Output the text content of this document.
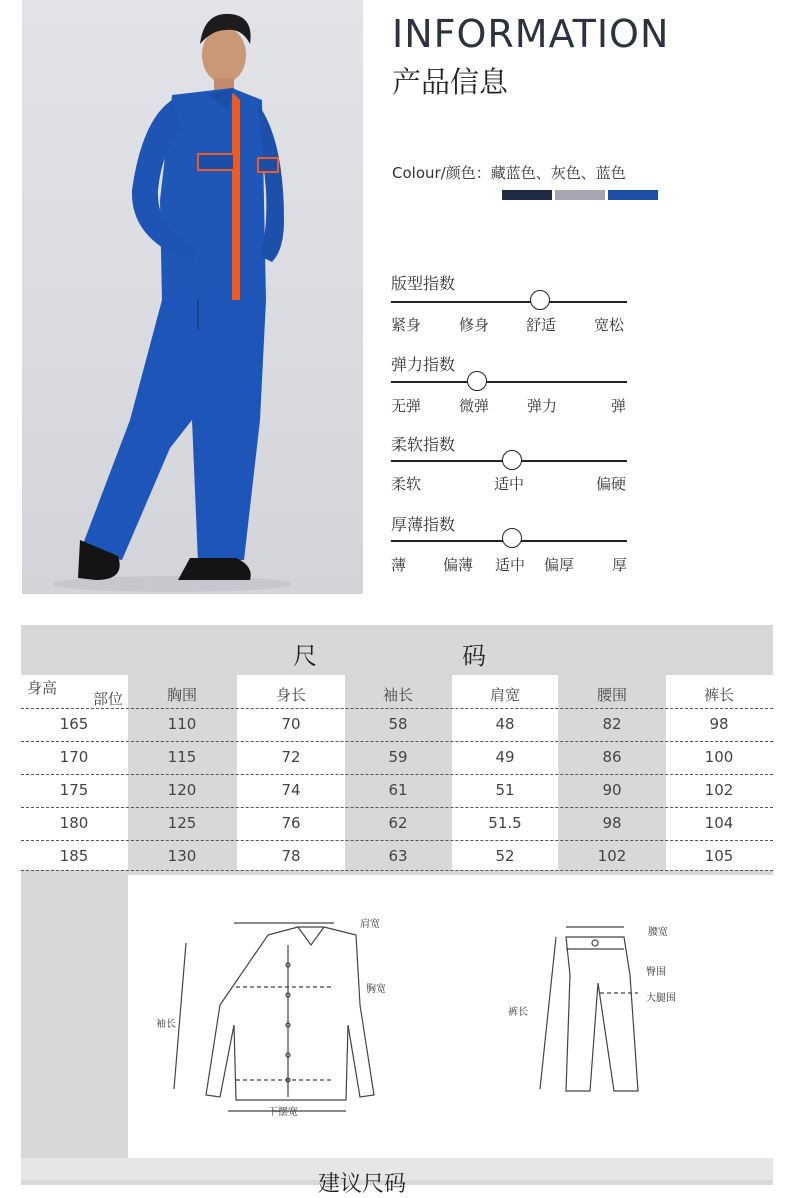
INFORMATION
产品信息
Colour/颜色：藏蓝色、灰色、蓝色
版型指数
紧身	修身 舒适	宽松
弹力指数
无弹	微弹	弹力	弹
柔软指数
柔软	适中	偏硬
厚薄指数
薄 偏薄 适中 偏厚	厚
尺	码
身高
部位	胸围	身长	袖长	肩宽	腰围	裤长
165	110	70	58	48	82	98
170	115	72	59	49	86	100
175	120	74	61	51	90	102
180	125	76	62	51.5	98	104
185	130	78	63	52	102	105
肩宽
胸宽
袖长
下摆宽
腰宽
臀围
大腿围
裤长
建议尺码
